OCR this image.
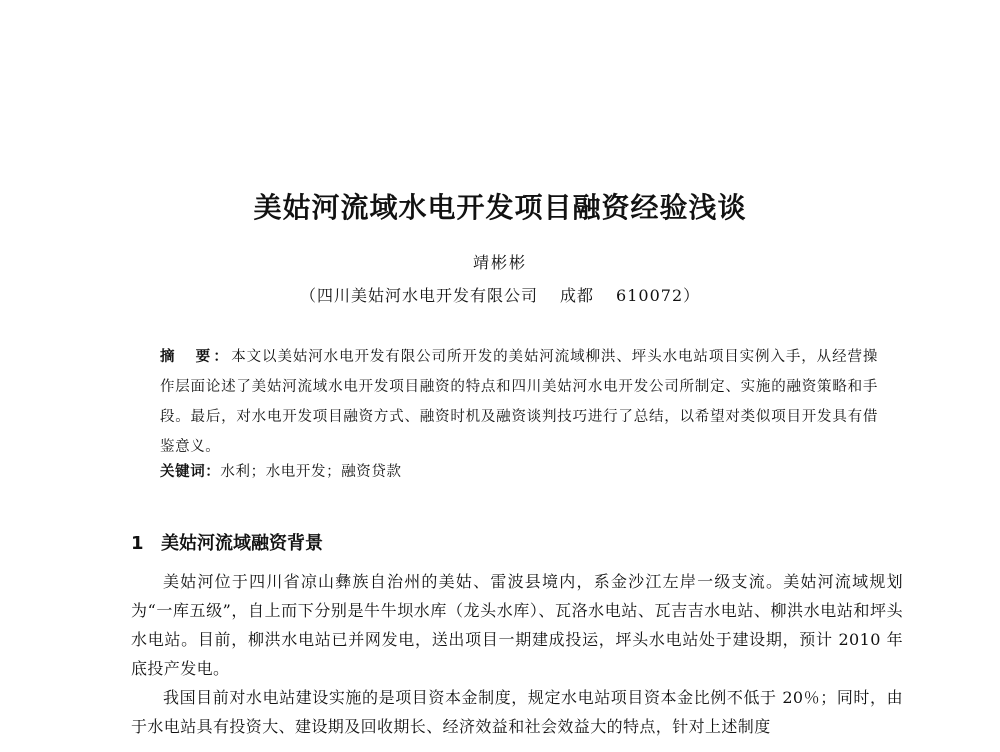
美姑河流域水电开发项目融资经验浅谈
靖彬彬
（四川美姑河水电开发有限公司 成都 610072）
摘　要：本文以美姑河水电开发有限公司所开发的美姑河流域柳洪、坪头水电站项目实例入手，从经营操作层面论述了美姑河流域水电开发项目融资的特点和四川美姑河水电开发公司所制定、实施的融资策略和手段。最后，对水电开发项目融资方式、融资时机及融资谈判技巧进行了总结，以希望对类似项目开发具有借鉴意义。
关键词：水利；水电开发；融资贷款
1 美姑河流域融资背景

美姑河位于四川省凉山彝族自治州的美姑、雷波县境内，系金沙江左岸一级支流。美姑河流域规划为“一库五级”，自上而下分别是牛牛坝水库（龙头水库）、瓦洛水电站、瓦吉吉水电站、柳洪水电站和坪头水电站。目前，柳洪水电站已并网发电，送出项目一期建成投运，坪头水电站处于建设期，预计 2010 年底投产发电。

我国目前对水电站建设实施的是项目资本金制度，规定水电站项目资本金比例不低于 20％；同时，由于水电站具有投资大、建设期及回收期长、经济效益和社会效益大的特点，针对上述制度
